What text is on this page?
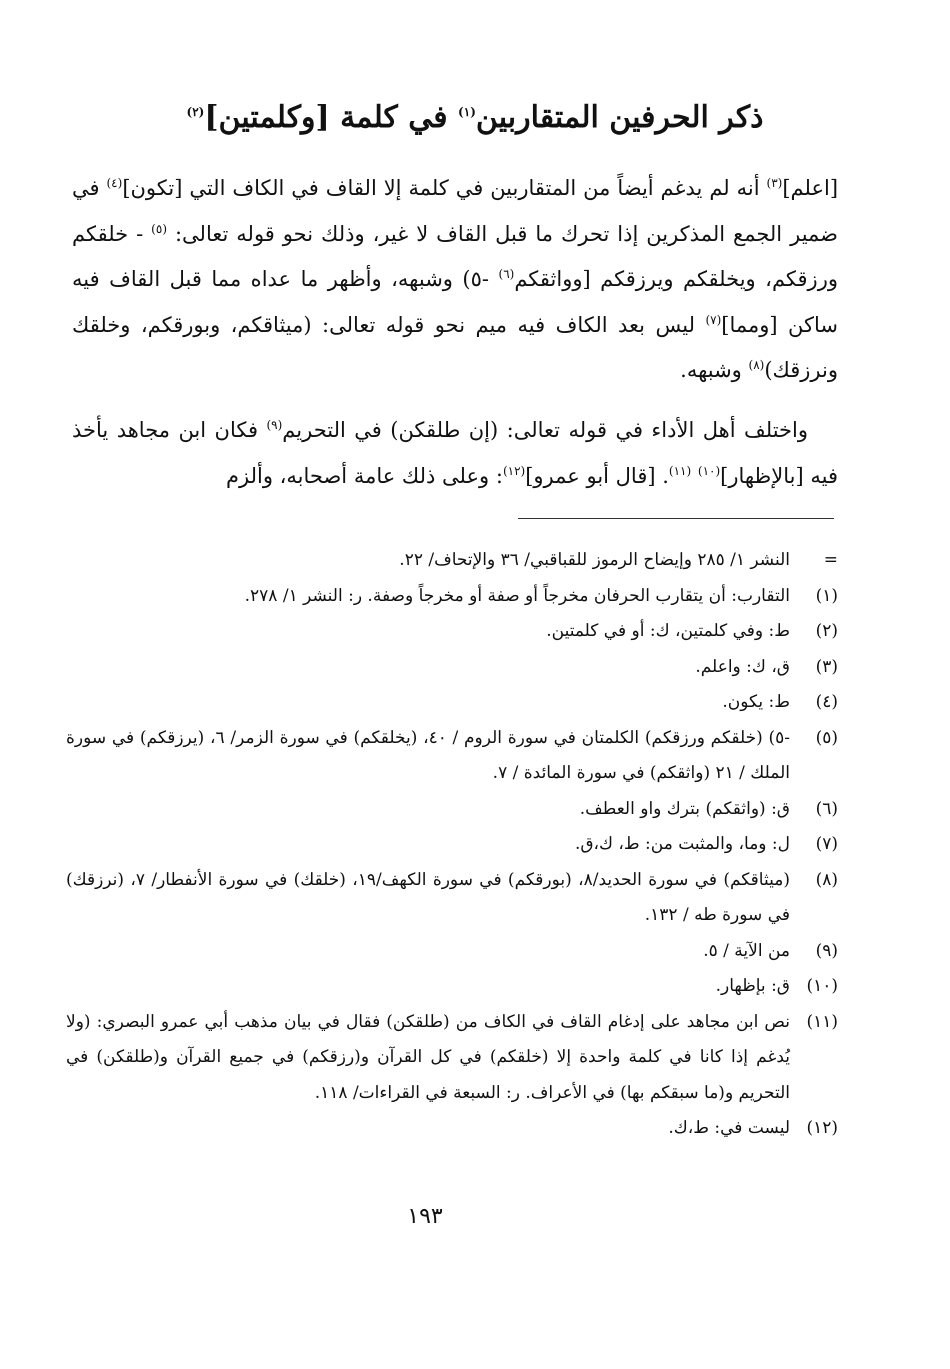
ذكر الحرفين المتقاربين$^{(١)}$ في كلمة [وكلمتين]$^{(٢)}$

[اعلم]$^{(٣)}$ أنه لم يدغم أيضاً من المتقاربين في كلمة إلا القاف في الكاف التي [تكون]$^{(٤)}$ في ضمير الجمع المذكرين إذا تحرك ما قبل القاف لا غير، وذلك نحو قوله تعالى: $^{(٥)}$ - خلقكم ورزقكم، ويخلقكم ويرزقكم [وواثقكم$^{(٦)}$ -٥) وشبهه، وأظهر ما عداه مما قبل القاف فيه ساكن [ومما]$^{(٧)}$ ليس بعد الكاف فيه ميم نحو قوله تعالى: (ميثاقكم، وبورقكم، وخلقك ونرزقك)$^{(٨)}$ وشبهه.

واختلف أهل الأداء في قوله تعالى: (إن طلقكن) في التحريم$^{(٩)}$ فكان ابن مجاهد يأخذ فيه [بالإظهار]$^{(١٠)}$ $^{(١١)}$. [قال أبو عمرو]$^{(١٢)}$: وعلى ذلك عامة أصحابه، وألزم

=
النشر ١/ ٢٨٥ وإيضاح الرموز للقباقبي/ ٣٦ والإتحاف/ ٢٢.
(١)
التقارب: أن يتقارب الحرفان مخرجاً أو صفة أو مخرجاً وصفة. ر: النشر ١/ ٢٧٨.
(٢)
ط: وفي كلمتين، ك: أو في كلمتين.
(٣)
ق، ك: واعلم.
(٤)
ط: يكون.
(٥)
-٥) (خلقكم ورزقكم) الكلمتان في سورة الروم / ٤٠، (يخلقكم) في سورة الزمر/ ٦، (يرزقكم) في سورة الملك / ٢١ (واثقكم) في سورة المائدة / ٧.
(٦)
ق: (واثقكم) بترك واو العطف.
(٧)
ل: وما، والمثبت من: ط، ك،ق.
(٨)
(ميثاقكم) في سورة الحديد/٨، (بورقكم) في سورة الكهف/١٩، (خلقك) في سورة الأنفطار/ ٧، (نرزقك) في سورة طه / ١٣٢.
(٩)
من الآية / ٥.
(١٠)
ق: بإظهار.
(١١)
نص ابن مجاهد على إدغام القاف في الكاف من (طلقكن) فقال في بيان مذهب أبي عمرو البصري: (ولا يُدغم إذا كانا في كلمة واحدة إلا (خلقكم) في كل القرآن و(رزقكم) في جميع القرآن و(طلقكن) في التحريم و(ما سبقكم بها) في الأعراف. ر: السبعة في القراءات/ ١١٨.
(١٢)
ليست في: ط،ك.
١٩٣
